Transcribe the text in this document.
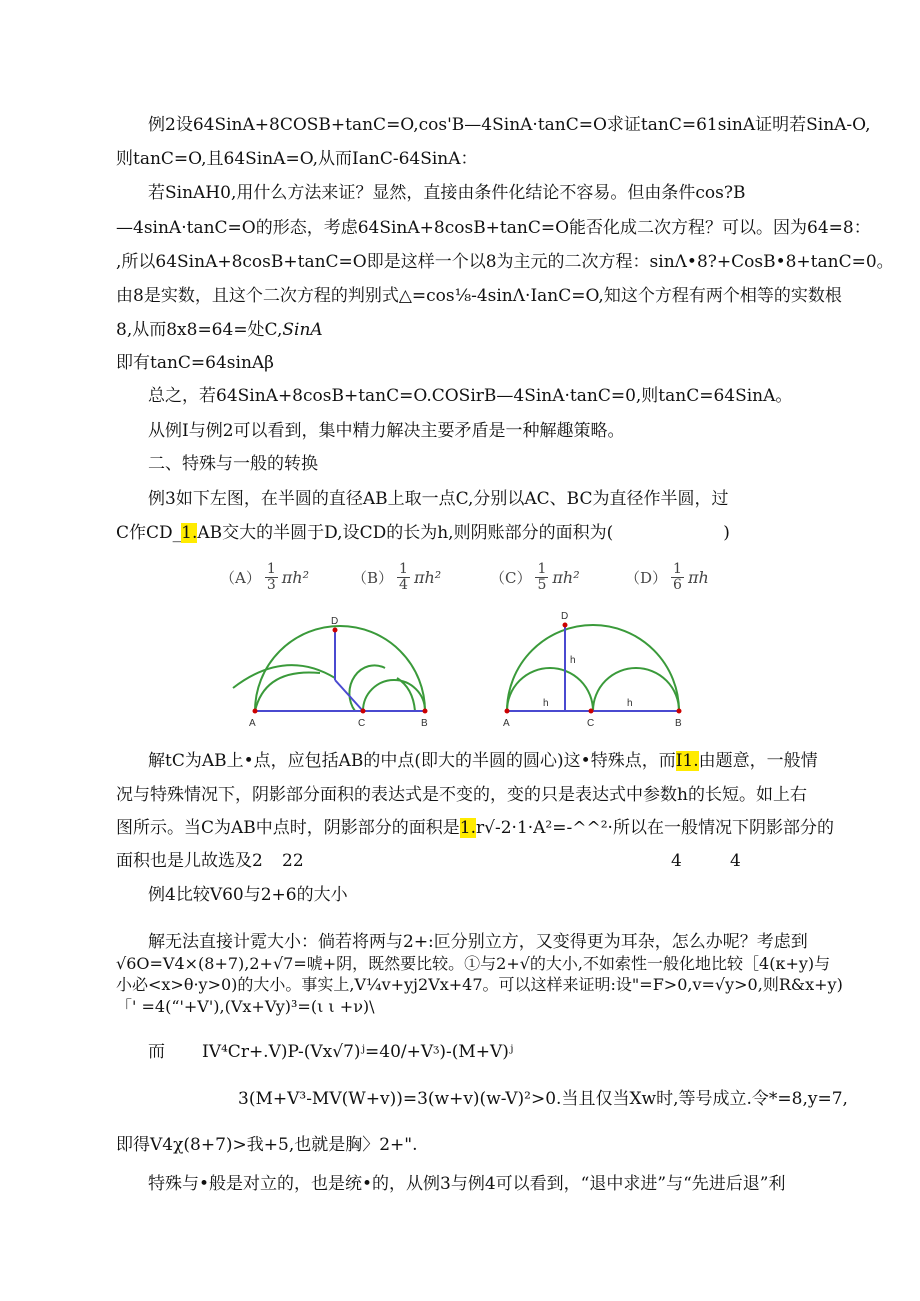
例2设64SinA+8COSB+tanC=O,cos'B—4SinA·tanC=O求证tanC=61sinA证明若SinA-O,
则tanC=O,且64SinA=O,从而IanC-64SinA：
若SinAH0,用什么方法来证？显然，直接由条件化结论不容易。但由条件cos?B
—4sinA·tanC=O的形态，考虑64SinA+8cosB+tanC=O能否化成二次方程？可以。因为64=8：
,所以64SinA+8cosB+tanC=O即是这样一个以8为主元的二次方程：sinΛ•8?+CosB•8+tanC=0。
由8是实数，且这个二次方程的判别式△=cos⅛-4sinΛ·IanC=O,知这个方程有两个相等的实数根
8,从而8x8=64=处C,SinA
即有tanC=64sinAβ
总之，若64SinA+8cosB+tanC=O.COSirB—4SinA·tanC=0,则tanC=64SinA。
从例I与例2可以看到，集中精力解决主要矛盾是一种解趣策略。
二、特殊与一般的转换
例3如下左图，在半圆的直径AB上取一点C,分别以AC、BC为直径作半圆，过
C作CD_1.AB交大的半圆于D,设CD的长为h,则阴账部分的面积为(	)
$(A) \frac{1}{3} \pi h^2$	$(B) \frac{1}{4} \pi h^2$	$(C) \frac{1}{5} \pi h^2$	$(D) \frac{1}{6}$ πh
A	C	B
D
A	C	B
D
h
h	h
解tC为AB上•点，应包括AB的中点(即大的半圆的圆心)这•特殊点，而I1.由题意，一般情
况与特殊情况下，阴影部分面积的表达式是不变的，变的只是表达式中参数h的长短。如上右
图所示。当C为AB中点时，阴影部分的面积是1.r√-2·1·A²=-^^²·所以在一般情况下阴影部分的
面积也是儿故选及2 22	4	4
例4比较V60与2+6的大小
解无法直接计霓大小：倘若将两与2+:叵分别立方，又变得更为耳杂，怎么办呢？考虑到
√6O=V4×(8+7),2+√7=唬+阴，既然要比较。①与2+√的大小,不如索性一般化地比较［4(κ+y)与
小必<x>θ·y>0)的大小。事实上,V¼v+yj2Vx+47。可以这样来证明:设"=F>0,v=√y>0,则R&x+y)
「' =4(“'+V'),(Vx+Vy)³=(ι ι +ν)\
而 IV⁴Cr+.V)P-(Vx√7)ʲ=40/+Vᶾ)-(M+V)ʲ
3(M+V³-MV(W+v))=3(w+v)(w-V)²>0.当且仅当Xw时,等号成立.令*=8,y=7,
即得V4χ(8+7)>我+5,也就是胸〉2+".
特殊与•般是对立的，也是统•的，从例3与例4可以看到，“退中求进”与“先进后退”利
